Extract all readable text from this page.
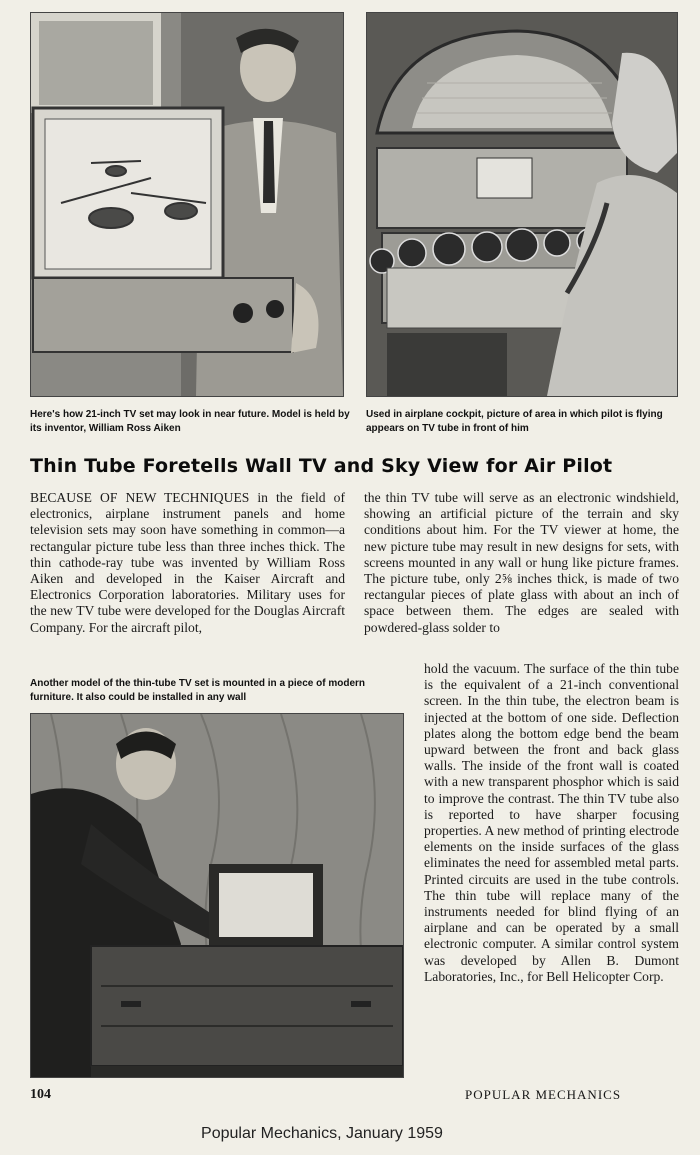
Here's how 21-inch TV set may look in near future. Model is held by its inventor, William Ross Aiken
Used in airplane cockpit, picture of area in which pilot is flying appears on TV tube in front of him
Thin Tube Foretells Wall TV and Sky View for Air Pilot
BECAUSE OF NEW TECHNIQUES in the field of electronics, airplane instrument panels and home television sets may soon have something in common—a rectangular picture tube less than three inches thick. The thin cathode-ray tube was invented by William Ross Aiken and developed in the Kaiser Aircraft and Electronics Corporation laboratories. Military uses for the new TV tube were developed for the Douglas Aircraft Company. For the aircraft pilot,
the thin TV tube will serve as an electronic windshield, showing an artificial picture of the terrain and sky conditions about him. For the TV viewer at home, the new picture tube may result in new designs for sets, with screens mounted in any wall or hung like picture frames. The picture tube, only 2⅝ inches thick, is made of two rectangular pieces of plate glass with about an inch of space between them. The edges are sealed with powdered-glass solder to
Another model of the thin-tube TV set is mounted in a piece of modern furniture. It also could be installed in any wall
hold the vacuum. The surface of the thin tube is the equivalent of a 21-inch conventional screen. In the thin tube, the electron beam is injected at the bottom of one side. Deflection plates along the bottom edge bend the beam upward between the front and back glass walls. The inside of the front wall is coated with a new transparent phosphor which is said to improve the contrast. The thin TV tube also is reported to have sharper focusing properties. A new method of printing electrode elements on the inside surfaces of the glass eliminates the need for assembled metal parts. Printed circuits are used in the tube controls. The thin tube will replace many of the instruments needed for blind flying of an airplane and can be operated by a small electronic computer. A similar control system was developed by Allen B. Dumont Laboratories, Inc., for Bell Helicopter Corp.
104	POPULAR MECHANICS
Popular Mechanics, January 1959
